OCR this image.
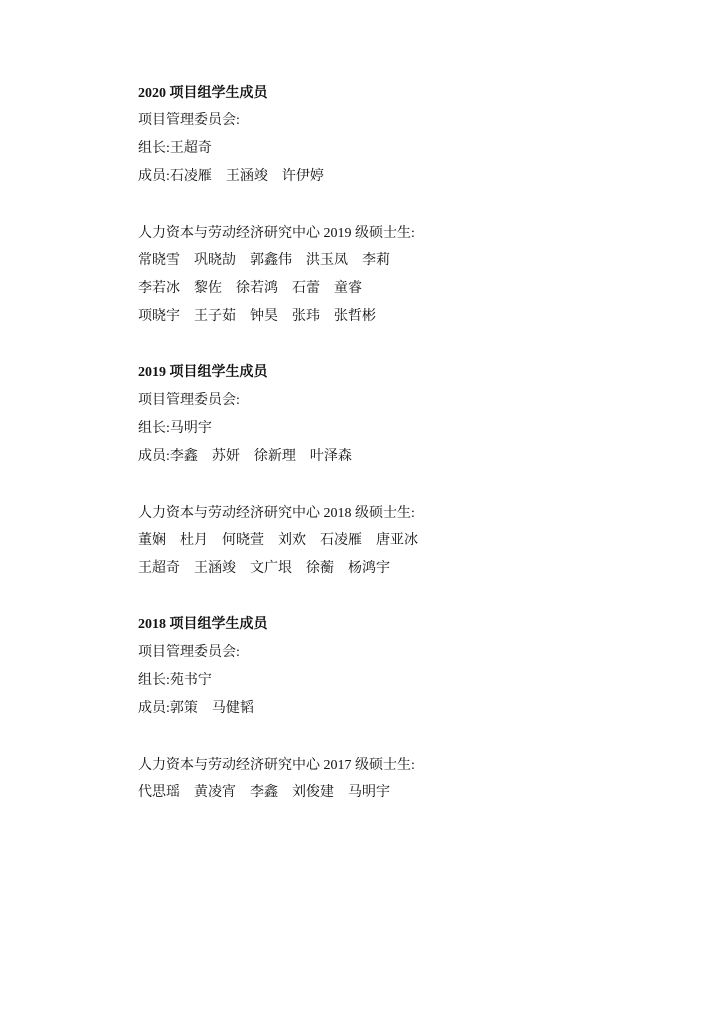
2020 项目组学生成员
项目管理委员会:
组长:王超奇
成员:石凌雁 王涵竣 许伊婷
人力资本与劳动经济研究中心 2019 级硕士生:
常晓雪 巩晓劼 郭鑫伟 洪玉凤 李莉
李若冰 黎佐 徐若鸿 石蕾 童睿
项晓宇 王子茹 钟昊 张玮 张哲彬
2019 项目组学生成员
项目管理委员会:
组长:马明宇
成员:李鑫 苏妍 徐新理 叶泽森
人力资本与劳动经济研究中心 2018 级硕士生:
董娴 杜月 何晓萱 刘欢 石凌雁 唐亚冰
王超奇 王涵竣 文广垠 徐蘅 杨鸿宇
2018 项目组学生成员
项目管理委员会:
组长:苑书宁
成员:郭策 马健韬
人力资本与劳动经济研究中心 2017 级硕士生:
代思瑶 黄凌宵 李鑫 刘俊建 马明宇
